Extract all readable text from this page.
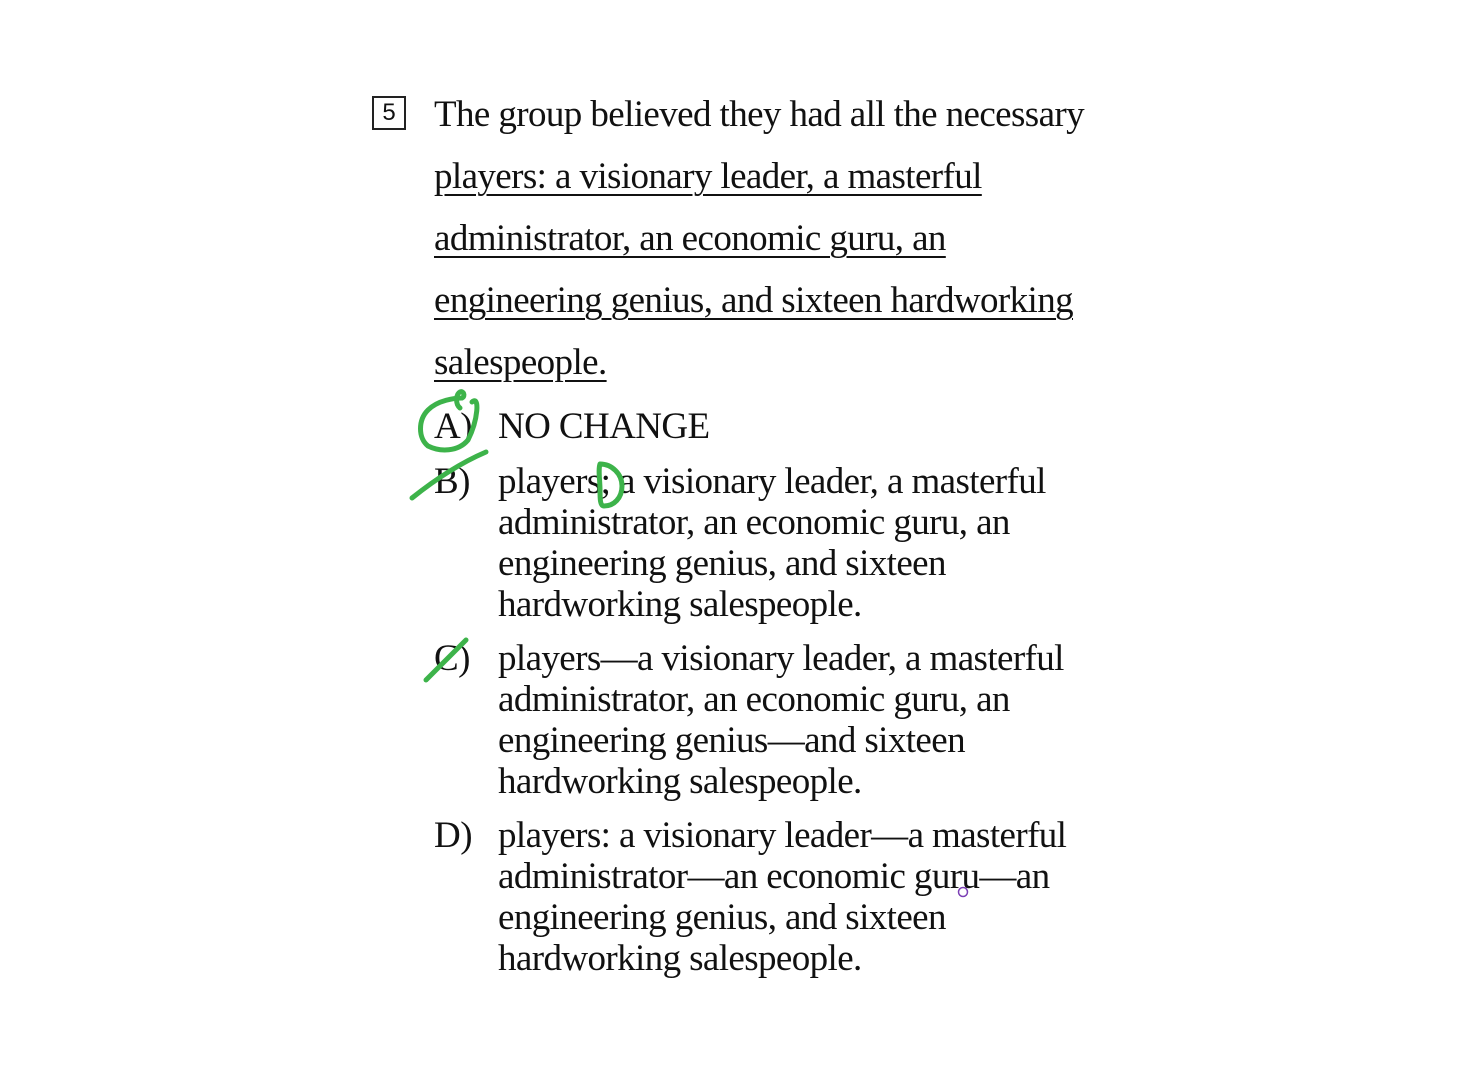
5 The group believed they had all the necessary
players: a visionary leader, a masterful
administrator, an economic guru, an
engineering genius, and sixteen hardworking
salespeople.
A) NO CHANGE
B) players; a visionary leader, a masterful
administrator, an economic guru, an
engineering genius, and sixteen
hardworking salespeople.
C) players—a visionary leader, a masterful
administrator, an economic guru, an
engineering genius—and sixteen
hardworking salespeople.
D) players: a visionary leader—a masterful
administrator—an economic guru—an
engineering genius, and sixteen
hardworking salespeople.
